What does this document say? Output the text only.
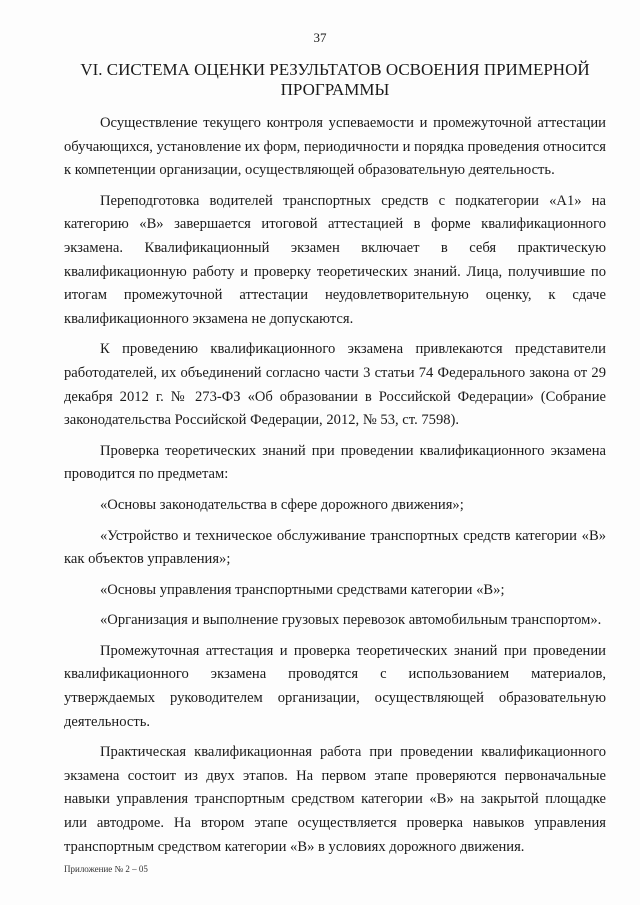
37
VI. СИСТЕМА ОЦЕНКИ РЕЗУЛЬТАТОВ ОСВОЕНИЯ ПРИМЕРНОЙ
ПРОГРАММЫ

Осуществление текущего контроля успеваемости и промежуточной аттестации обучающихся, установление их форм, периодичности и порядка проведения относится к компетенции организации, осуществляющей образовательную деятельность.

Переподготовка водителей транспортных средств с подкатегории «А1» на категорию «В» завершается итоговой аттестацией в форме квалификационного экзамена. Квалификационный экзамен включает в себя практическую квалификационную работу и проверку теоретических знаний. Лица, получившие по итогам промежуточной аттестации неудовлетворительную оценку, к сдаче квалификационного экзамена не допускаются.

К проведению квалификационного экзамена привлекаются представители работодателей, их объединений согласно части 3 статьи 74 Федерального закона от 29 декабря 2012 г. № 273-ФЗ «Об образовании в Российской Федерации» (Собрание законодательства Российской Федерации, 2012, № 53, ст. 7598).

Проверка теоретических знаний при проведении квалификационного экзамена проводится по предметам:

«Основы законодательства в сфере дорожного движения»;

«Устройство и техническое обслуживание транспортных средств категории «В» как объектов управления»;

«Основы управления транспортными средствами категории «В»;

«Организация и выполнение грузовых перевозок автомобильным транспортом».

Промежуточная аттестация и проверка теоретических знаний при проведении квалификационного экзамена проводятся с использованием материалов, утверждаемых руководителем организации, осуществляющей образовательную деятельность.

Практическая квалификационная работа при проведении квалификационного экзамена состоит из двух этапов. На первом этапе проверяются первоначальные навыки управления транспортным средством категории «В» на закрытой площадке или автодроме. На втором этапе осуществляется проверка навыков управления транспортным средством категории «В» в условиях дорожного движения.

Приложение № 2 – 05
